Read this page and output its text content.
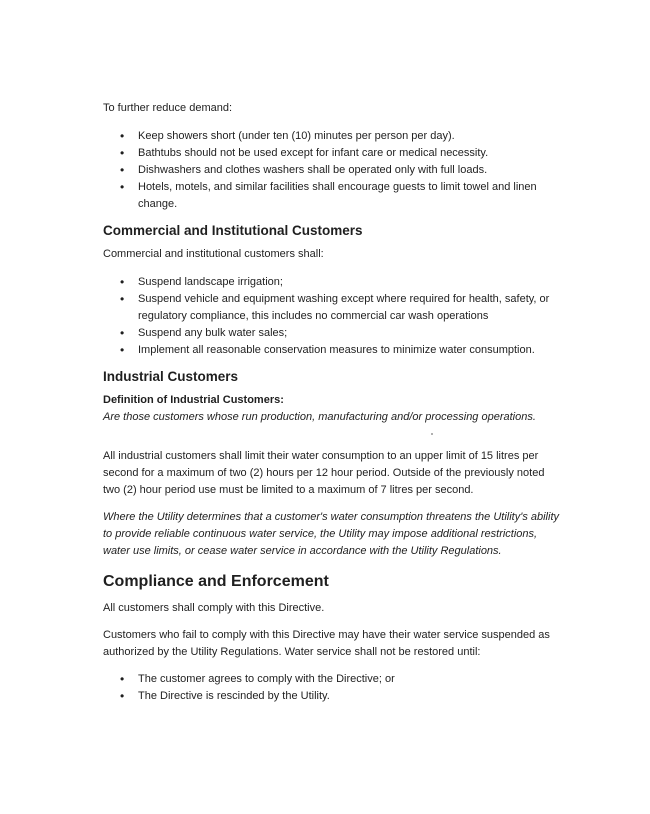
To further reduce demand:

• Keep showers short (under ten (10) minutes per person per day).
• Bathtubs should not be used except for infant care or medical necessity.
• Dishwashers and clothes washers shall be operated only with full loads.
• Hotels, motels, and similar facilities shall encourage guests to limit towel and linen change.
Commercial and Institutional Customers

Commercial and institutional customers shall:

• Suspend landscape irrigation;
• Suspend vehicle and equipment washing except where required for health, safety, or regulatory compliance, this includes no commercial car wash operations
• Suspend any bulk water sales;
• Implement all reasonable conservation measures to minimize water consumption.
Industrial Customers

Definition of Industrial Customers:

Are those customers whose run production, manufacturing and/or processing operations.

All industrial customers shall limit their water consumption to an upper limit of 15 litres per second for a maximum of two (2) hours per 12 hour period. Outside of the previously noted two (2) hour period use must be limited to a maximum of 7 litres per second.

Where the Utility determines that a customer's water consumption threatens the Utility's ability to provide reliable continuous water service, the Utility may impose additional restrictions, water use limits, or cease water service in accordance with the Utility Regulations.

Compliance and Enforcement

All customers shall comply with this Directive.

Customers who fail to comply with this Directive may have their water service suspended as authorized by the Utility Regulations. Water service shall not be restored until:

• The customer agrees to comply with the Directive; or
• The Directive is rescinded by the Utility.
